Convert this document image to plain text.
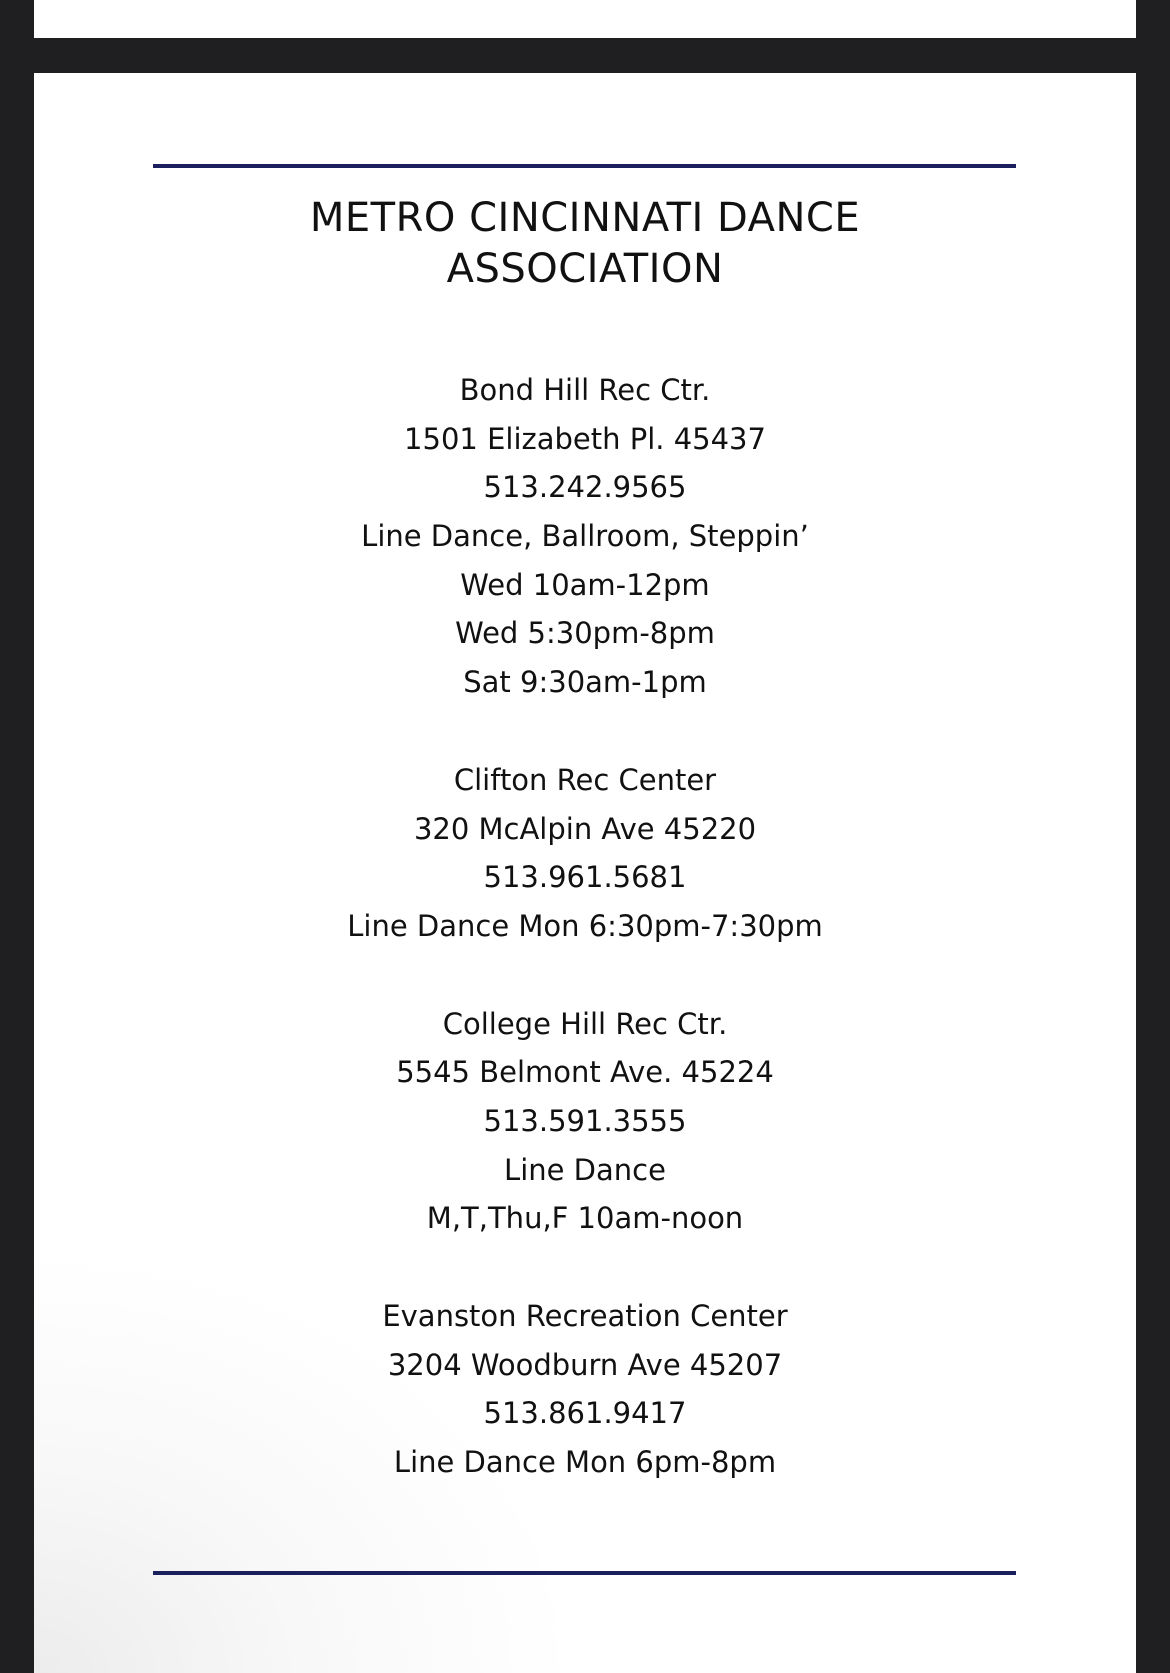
METRO CINCINNATI DANCE
ASSOCIATION
Bond Hill Rec Ctr.
1501 Elizabeth Pl. 45437
513.242.9565
Line Dance, Ballroom, Steppin’
Wed 10am-12pm
Wed 5:30pm-8pm
Sat 9:30am-1pm
Clifton Rec Center
320 McAlpin Ave 45220
513.961.5681
Line Dance Mon 6:30pm-7:30pm
College Hill Rec Ctr.
5545 Belmont Ave. 45224
513.591.3555
Line Dance
M,T,Thu,F 10am-noon
Evanston Recreation Center
3204 Woodburn Ave 45207
513.861.9417
Line Dance Mon 6pm-8pm
